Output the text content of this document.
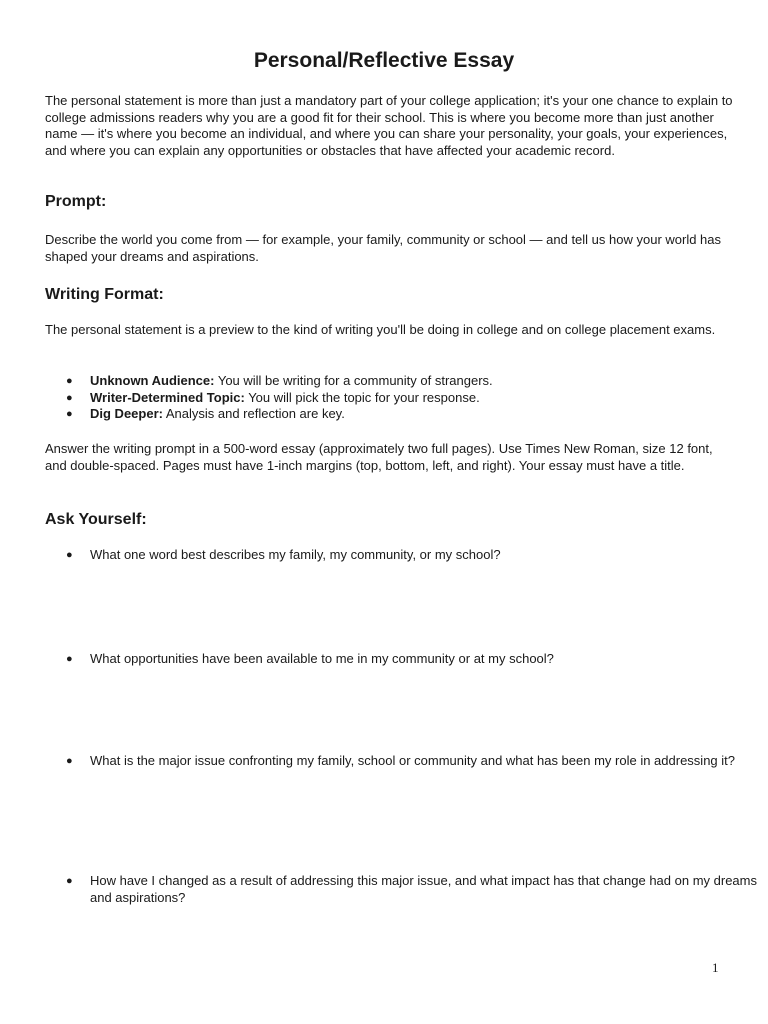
Personal/Reflective Essay

The personal statement is more than just a mandatory part of your college application; it's your one chance to explain to college admissions readers why you are a good fit for their school. This is where you become more than just another name — it's where you become an individual, and where you can share your personality, your goals, your experiences, and where you can explain any opportunities or obstacles that have affected your academic record.

Prompt:

Describe the world you come from — for example, your family, community or school — and tell us how your world has shaped your dreams and aspirations.

Writing Format:

The personal statement is a preview to the kind of writing you'll be doing in college and on college placement exams.

● Unknown Audience: You will be writing for a community of strangers.
● Writer-Determined Topic: You will pick the topic for your response.
● Dig Deeper: Analysis and reflection are key.

Answer the writing prompt in a 500-word essay (approximately two full pages). Use Times New Roman, size 12 font, and double-spaced. Pages must have 1-inch margins (top, bottom, left, and right). Your essay must have a title.

Ask Yourself:
● What one word best describes my family, my community, or my school?
● What opportunities have been available to me in my community or at my school?
● What is the major issue confronting my family, school or community and what has been my role in addressing it?
● How have I changed as a result of addressing this major issue, and what impact has that change had on my dreams and aspirations?
1
